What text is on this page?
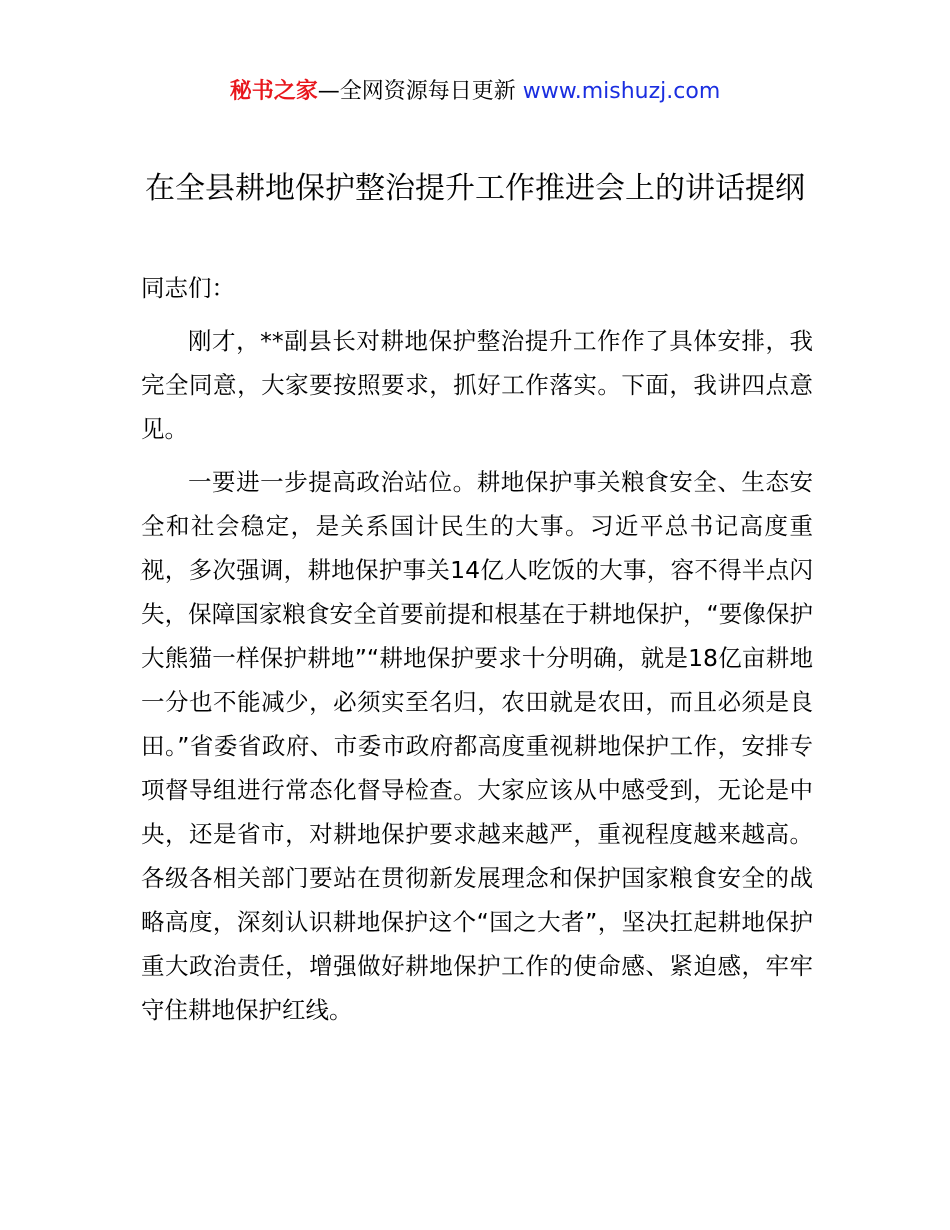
秘书之家—全网资源每日更新 www.mishuzj.com
在全县耕地保护整治提升工作推进会上的讲话提纲

同志们：

刚才，**副县长对耕地保护整治提升工作作了具体安排，我完全同意，大家要按照要求，抓好工作落实。下面，我讲四点意见。

一要进一步提高政治站位。耕地保护事关粮食安全、生态安全和社会稳定，是关系国计民生的大事。习近平总书记高度重视，多次强调，耕地保护事关14亿人吃饭的大事，容不得半点闪失，保障国家粮食安全首要前提和根基在于耕地保护，“要像保护大熊猫一样保护耕地”“耕地保护要求十分明确，就是18亿亩耕地一分也不能减少，必须实至名归，农田就是农田，而且必须是良田。”省委省政府、市委市政府都高度重视耕地保护工作，安排专项督导组进行常态化督导检查。大家应该从中感受到，无论是中央，还是省市，对耕地保护要求越来越严，重视程度越来越高。各级各相关部门要站在贯彻新发展理念和保护国家粮食安全的战略高度，深刻认识耕地保护这个“国之大者”，坚决扛起耕地保护重大政治责任，增强做好耕地保护工作的使命感、紧迫感，牢牢守住耕地保护红线。
